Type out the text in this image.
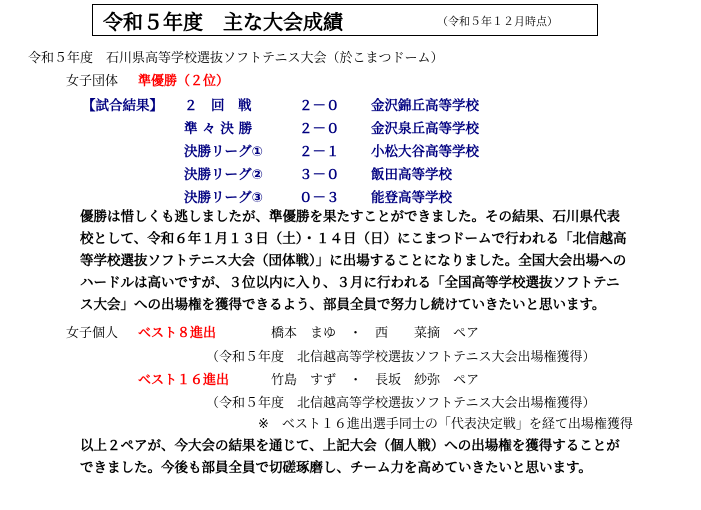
令和５年度　主な大会成績	（令和５年１２月時点）
令和５年度　石川県高等学校選抜ソフトテニス大会（於こまつドーム）
女子団体 準優勝（２位）
【試合結果】 ２　回　戦	２－０ 金沢錦丘高等学校
準 々 決 勝	２－０ 金沢泉丘高等学校
決勝リーグ①	２－１ 小松大谷高等学校
決勝リーグ②	３－０ 飯田高等学校
決勝リーグ③	０－３ 能登高等学校
優勝は惜しくも逃しましたが、準優勝を果たすことができました。その結果、石川県代表
校として、令和６年１月１３日（土）・１４日（日）にこまつドームで行われる「北信越高
等学校選抜ソフトテニス大会（団体戦）」に出場することになりました。全国大会出場への
ハードルは高いですが、３位以内に入り、３月に行われる「全国高等学校選抜ソフトテニ
ス大会」への出場権を獲得できるよう、部員全員で努力し続けていきたいと思います。
女子個人 ベスト８進出	橋本　まゆ　・　西　　菜摘　ペア
（令和５年度　北信越高等学校選抜ソフトテニス大会出場権獲得）
ベスト１６進出	竹島　すず　・　長坂　紗弥　ペア
（令和５年度　北信越高等学校選抜ソフトテニス大会出場権獲得）
※　ベスト１６進出選手同士の「代表決定戦」を経て出場権獲得
以上２ペアが、今大会の結果を通じて、上記大会（個人戦）への出場権を獲得することが
できました。今後も部員全員で切磋琢磨し、チーム力を高めていきたいと思います。
